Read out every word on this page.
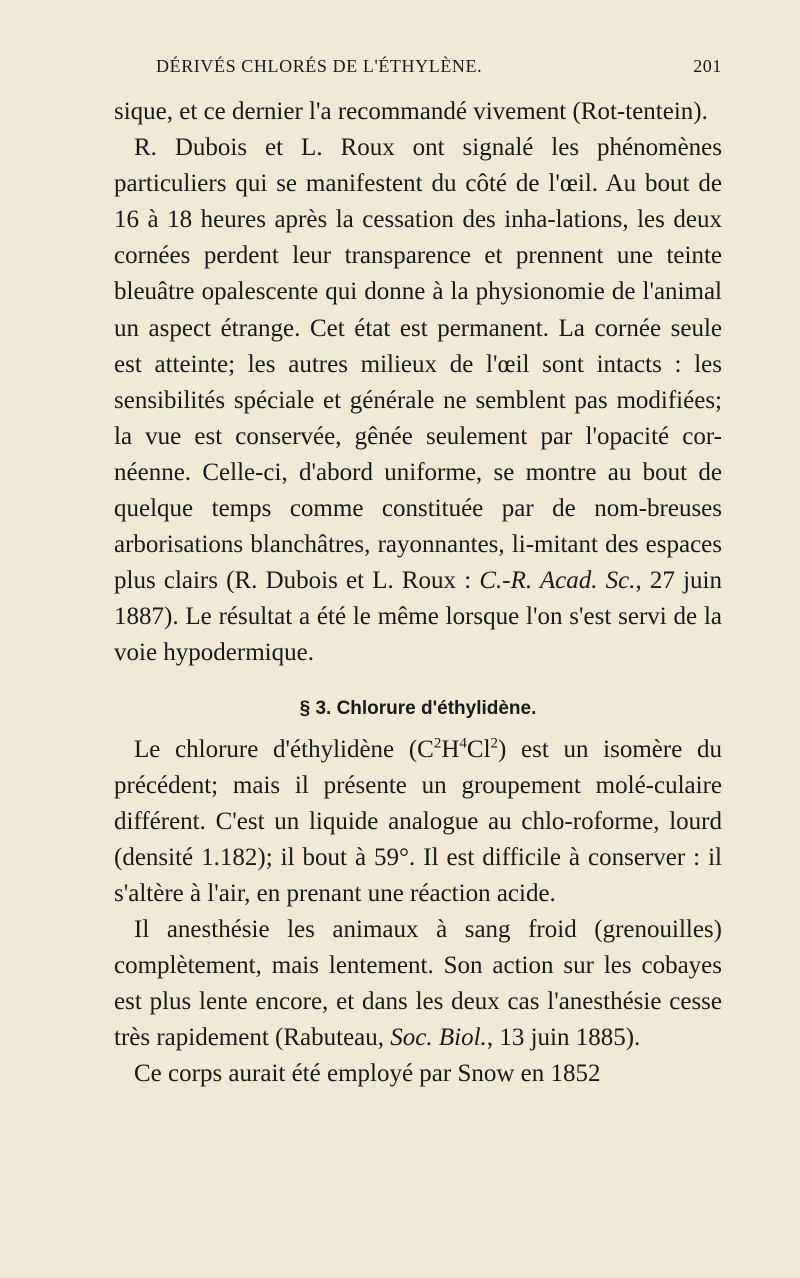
DÉRIVÉS CHLORÉS DE L'ÉTHYLÈNE.	201

sique, et ce dernier l'a recommandé vivement (Rot-tentein).

R. Dubois et L. Roux ont signalé les phénomènes particuliers qui se manifestent du côté de l'œil. Au bout de 16 à 18 heures après la cessation des inha-lations, les deux cornées perdent leur transparence et prennent une teinte bleuâtre opalescente qui donne à la physionomie de l'animal un aspect étrange. Cet état est permanent. La cornée seule est atteinte; les autres milieux de l'œil sont intacts : les sensibilités spéciale et générale ne semblent pas modifiées; la vue est conservée, gênée seulement par l'opacité cor-néenne. Celle-ci, d'abord uniforme, se montre au bout de quelque temps comme constituée par de nom-breuses arborisations blanchâtres, rayonnantes, li-mitant des espaces plus clairs (R. Dubois et L. Roux : C.-R. Acad. Sc., 27 juin 1887). Le résultat a été le même lorsque l'on s'est servi de la voie hypodermique.

§ 3. Chlorure d'éthylidène.

Le chlorure d'éthylidène $(C^2H^4Cl^2)$ est un isomère du précédent; mais il présente un groupement molé-culaire différent. C'est un liquide analogue au chlo-roforme, lourd (densité 1.182); il bout à 59°. Il est difficile à conserver : il s'altère à l'air, en prenant une réaction acide.

Il anesthésie les animaux à sang froid (grenouilles) complètement, mais lentement. Son action sur les cobayes est plus lente encore, et dans les deux cas l'anesthésie cesse très rapidement (Rabuteau, Soc. Biol., 13 juin 1885).

Ce corps aurait été employé par Snow en 1852
